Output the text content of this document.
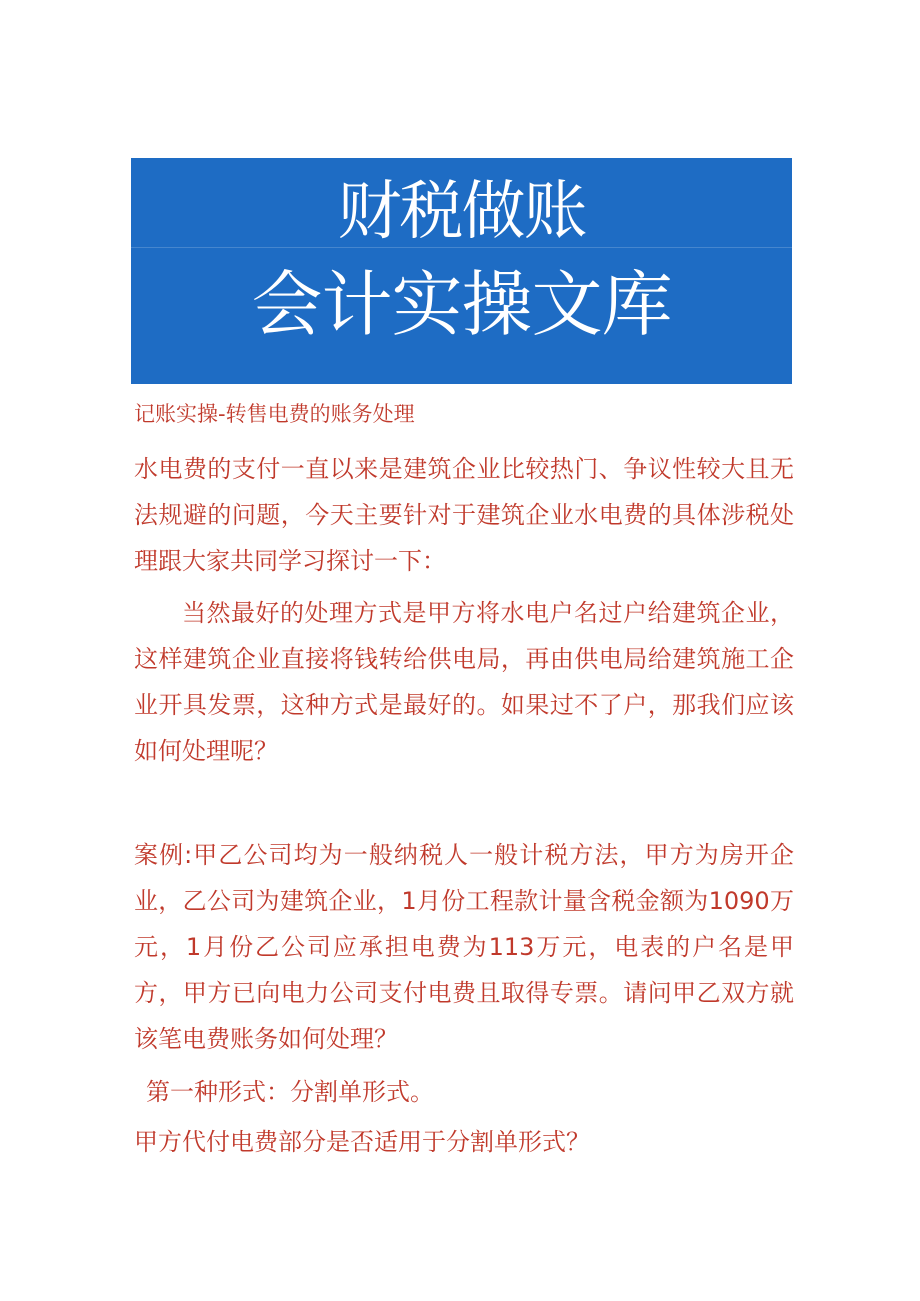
财税做账
会计实操文库
记账实操-转售电费的账务处理

水电费的支付一直以来是建筑企业比较热门、争议性较大且无法规避的问题，今天主要针对于建筑企业水电费的具体涉税处理跟大家共同学习探讨一下：

当然最好的处理方式是甲方将水电户名过户给建筑企业，这样建筑企业直接将钱转给供电局，再由供电局给建筑施工企业开具发票，这种方式是最好的。如果过不了户，那我们应该如何处理呢？

案例:甲乙公司均为一般纳税人一般计税方法，甲方为房开企业，乙公司为建筑企业，1月份工程款计量含税金额为1090万元，1月份乙公司应承担电费为113万元，电表的户名是甲方，甲方已向电力公司支付电费且取得专票。请问甲乙双方就该笔电费账务如何处理？

第一种形式：分割单形式。
甲方代付电费部分是否适用于分割单形式？
